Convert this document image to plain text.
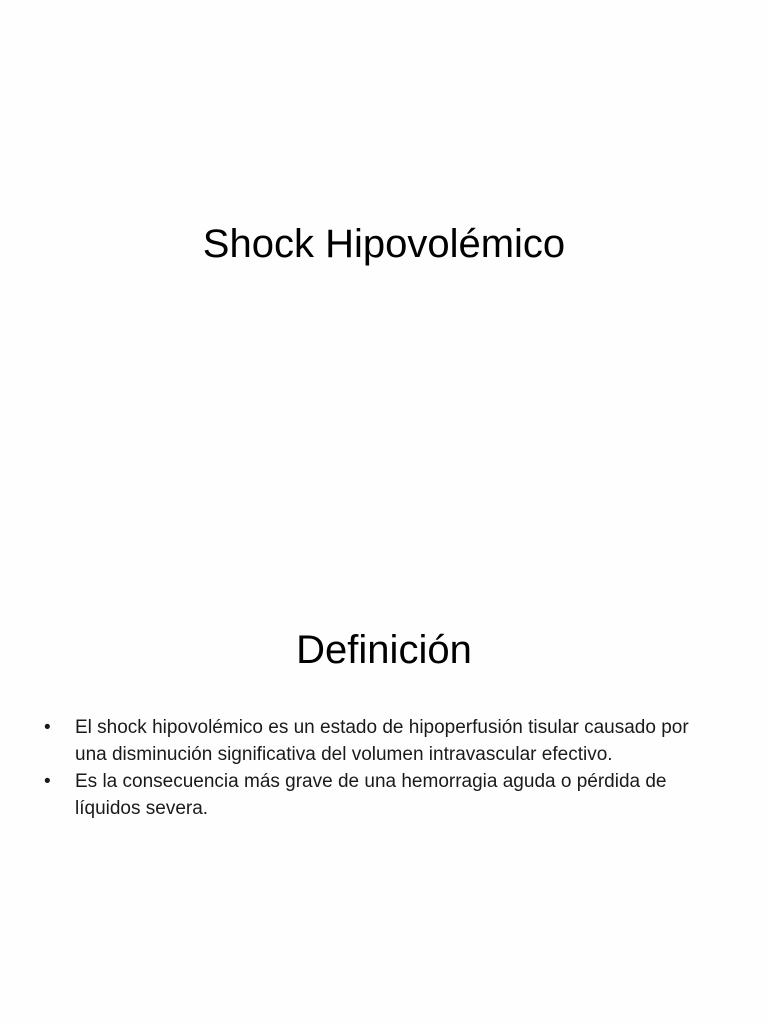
Shock Hipovolémico
Definición
• El shock hipovolémico es un estado de hipoperfusión tisular causado por una disminución significativa del volumen intravascular efectivo.
• Es la consecuencia más grave de una hemorragia aguda o pérdida de líquidos severa.
